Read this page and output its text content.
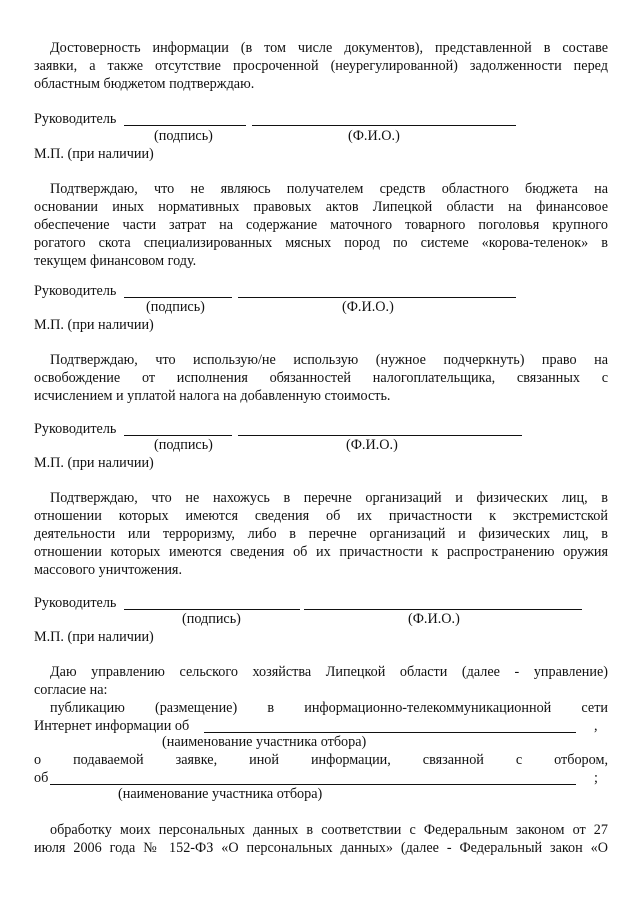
Достоверность информации (в том числе документов), представленной в составе
заявки, а также отсутствие просроченной (неурегулированной) задолженности перед
областным бюджетом подтверждаю.
Руководитель
(подпись)	(Ф.И.О.)
М.П. (при наличии)
Подтверждаю, что не являюсь получателем средств областного бюджета на
основании иных нормативных правовых актов Липецкой области на финансовое
обеспечение части затрат на содержание маточного товарного поголовья крупного
рогатого скота специализированных мясных пород по системе «корова-теленок» в
текущем финансовом году.
Руководитель
(подпись)	(Ф.И.О.)
М.П. (при наличии)
Подтверждаю, что использую/не использую (нужное подчеркнуть) право на
освобождение от исполнения обязанностей налогоплательщика, связанных с
исчислением и уплатой налога на добавленную стоимость.
Руководитель
(подпись)	(Ф.И.О.)
М.П. (при наличии)
Подтверждаю, что не нахожусь в перечне организаций и физических лиц, в
отношении которых имеются сведения об их причастности к экстремистской
деятельности или терроризму, либо в перечне организаций и физических лиц, в
отношении которых имеются сведения об их причастности к распространению оружия
массового уничтожения.
Руководитель
(подпись)	(Ф.И.О.)
М.П. (при наличии)
Даю управлению сельского хозяйства Липецкой области (далее - управление)
согласие на:
публикацию (размещение) в информационно-телекоммуникационной сети
Интернет информации об	,
(наименование участника отбора)
о подаваемой заявке, иной информации, связанной с отбором,
об	;
(наименование участника отбора)
обработку моих персональных данных в соответствии с Федеральным законом от 27
июля 2006 года № 152-ФЗ «О персональных данных» (далее - Федеральный закон «О
